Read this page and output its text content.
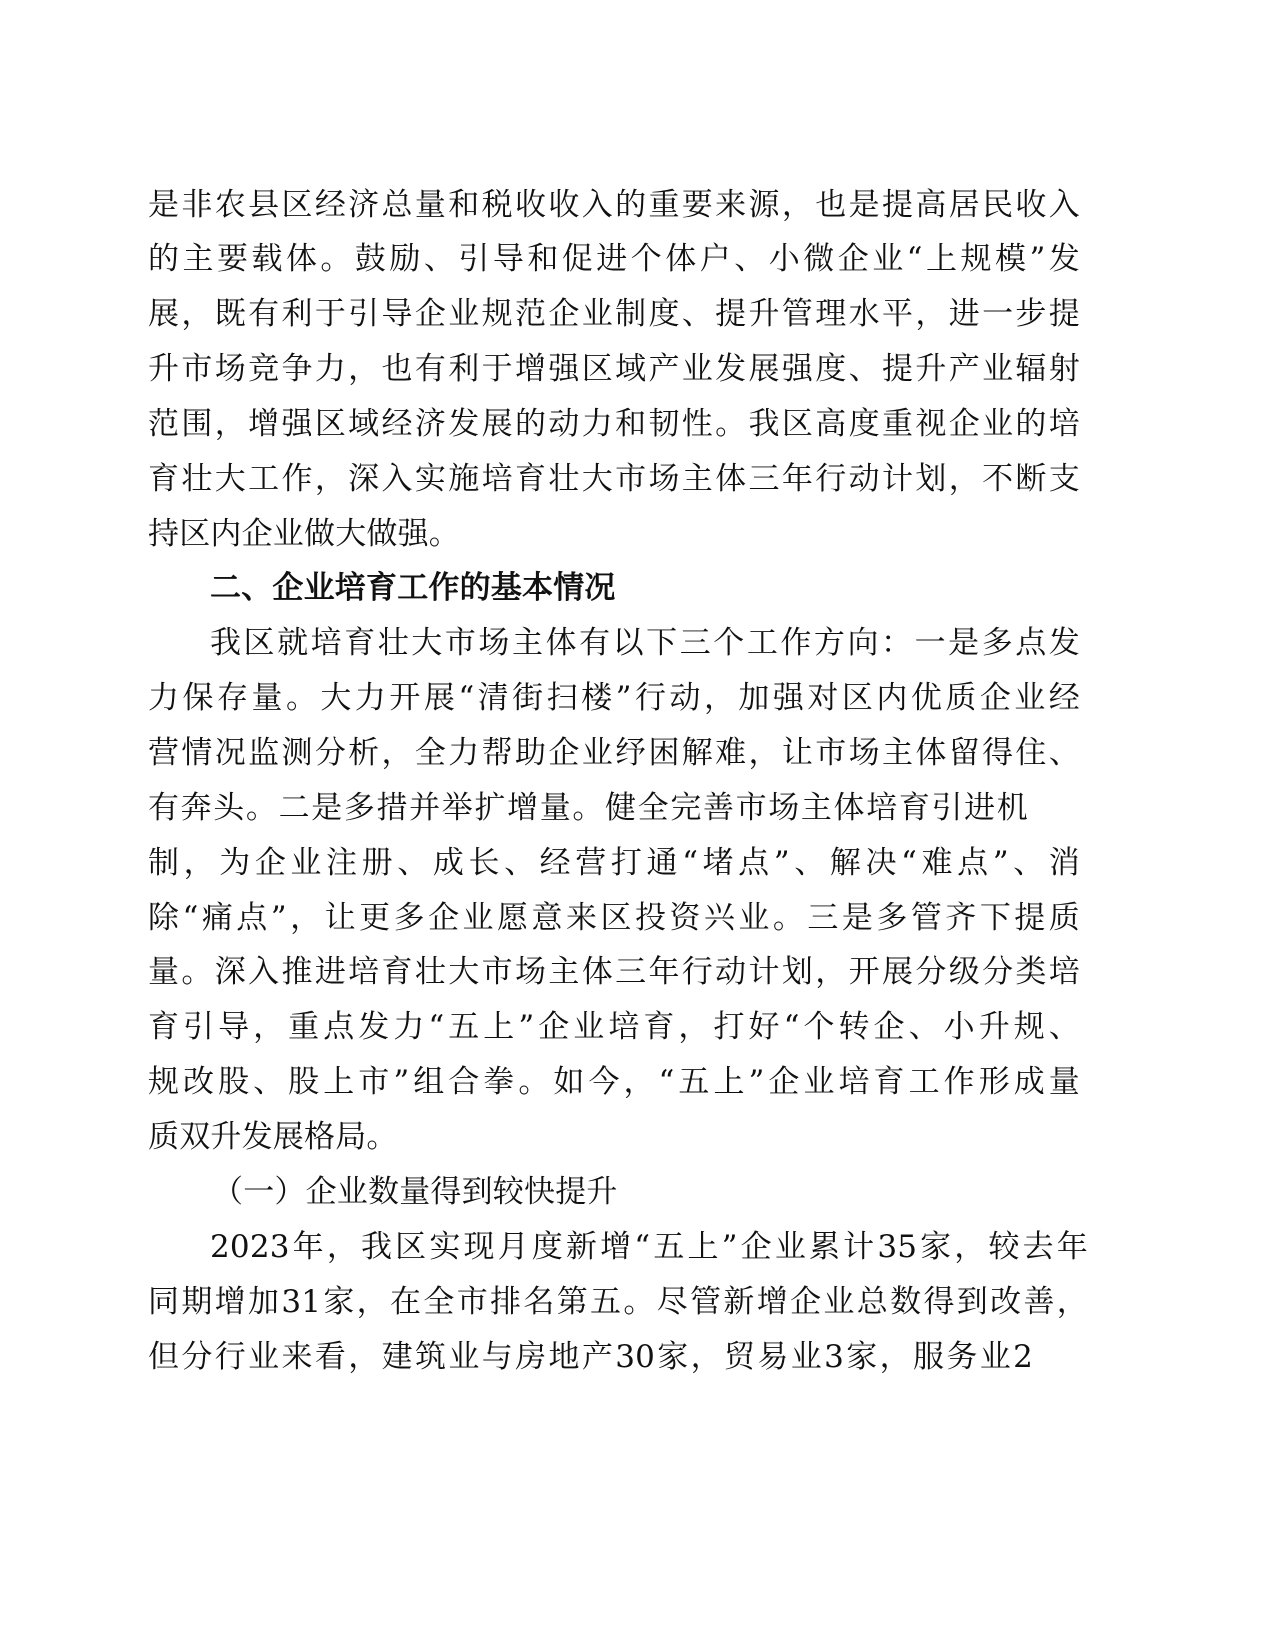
是非农县区经济总量和税收收入的重要来源，也是提高居民收入
的主要载体。鼓励、引导和促进个体户、小微企业“上规模”发
展，既有利于引导企业规范企业制度、提升管理水平，进一步提
升市场竞争力，也有利于增强区域产业发展强度、提升产业辐射
范围，增强区域经济发展的动力和韧性。我区高度重视企业的培
育壮大工作，深入实施培育壮大市场主体三年行动计划，不断支
持区内企业做大做强。
二、企业培育工作的基本情况
我区就培育壮大市场主体有以下三个工作方向：一是多点发
力保存量。大力开展“清街扫楼”行动，加强对区内优质企业经
营情况监测分析，全力帮助企业纾困解难，让市场主体留得住、
有奔头。二是多措并举扩增量。健全完善市场主体培育引进机
制，为企业注册、成长、经营打通“堵点”、解决“难点”、消
除“痛点”，让更多企业愿意来区投资兴业。三是多管齐下提质
量。深入推进培育壮大市场主体三年行动计划，开展分级分类培
育引导，重点发力“五上”企业培育，打好“个转企、小升规、
规改股、股上市”组合拳。如今，“五上”企业培育工作形成量
质双升发展格局。
（一）企业数量得到较快提升
2023年，我区实现月度新增“五上”企业累计35家，较去年
同期增加31家，在全市排名第五。尽管新增企业总数得到改善，
但分行业来看，建筑业与房地产30家，贸易业3家，服务业2
